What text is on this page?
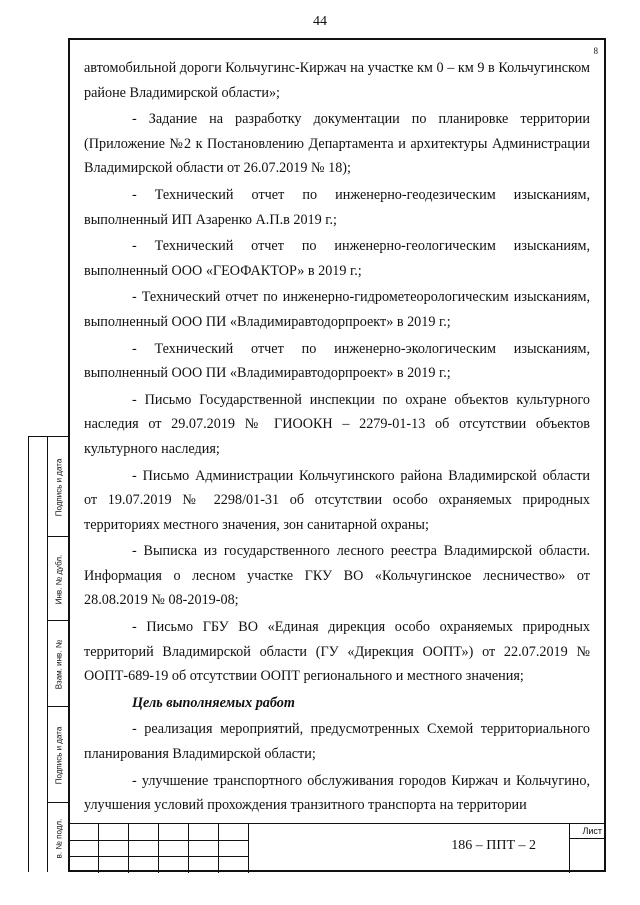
44
8

автомобильной дороги Кольчугинс-Киржач на участке км 0 – км 9 в Кольчугинском районе Владимирской области»;

- Задание на разработку документации по планировке территории (Приложение №2 к Постановлению Департамента и архитектуры Администрации Владимирской области от 26.07.2019 № 18);

- Технический отчет по инженерно-геодезическим изысканиям, выполненный ИП Азаренко А.П.в 2019 г.;

- Технический отчет по инженерно-геологическим изысканиям, выполненный ООО «ГЕОФАКТОР» в 2019 г.;

- Технический отчет по инженерно-гидрометеорологическим изысканиям, выполненный ООО ПИ «Владимиравтодорпроект» в 2019 г.;

- Технический отчет по инженерно-экологическим изысканиям, выполненный ООО ПИ «Владимиравтодорпроект» в 2019 г.;

- Письмо Государственной инспекции по охране объектов культурного наследия от 29.07.2019 № ГИООКН – 2279-01-13 об отсутствии объектов культурного наследия;

- Письмо Администрации Кольчугинского района Владимирской области от 19.07.2019 № 2298/01-31 об отсутствии особо охраняемых природных территориях местного значения, зон санитарной охраны;

- Выписка из государственного лесного реестра Владимирской области. Информация о лесном участке ГКУ ВО «Кольчугинское лесничество» от 28.08.2019 № 08-2019-08;

- Письмо ГБУ ВО «Единая дирекция особо охраняемых природных территорий Владимирской области (ГУ «Дирекция ООПТ») от 22.07.2019 № ООПТ-689-19 об отсутствии ООПТ регионального и местного значения;

Цель выполняемых работ

- реализация мероприятий, предусмотренных Схемой территориального планирования Владимирской области;

- улучшение транспортного обслуживания городов Киржач и Кольчугино, улучшения условий прохождения транзитного транспорта на территории

Подпись и дата
Инв. № дубл.
Взам. инв. №
Подпись и дата
в. № подл.	186 – ППТ – 2
Лист
